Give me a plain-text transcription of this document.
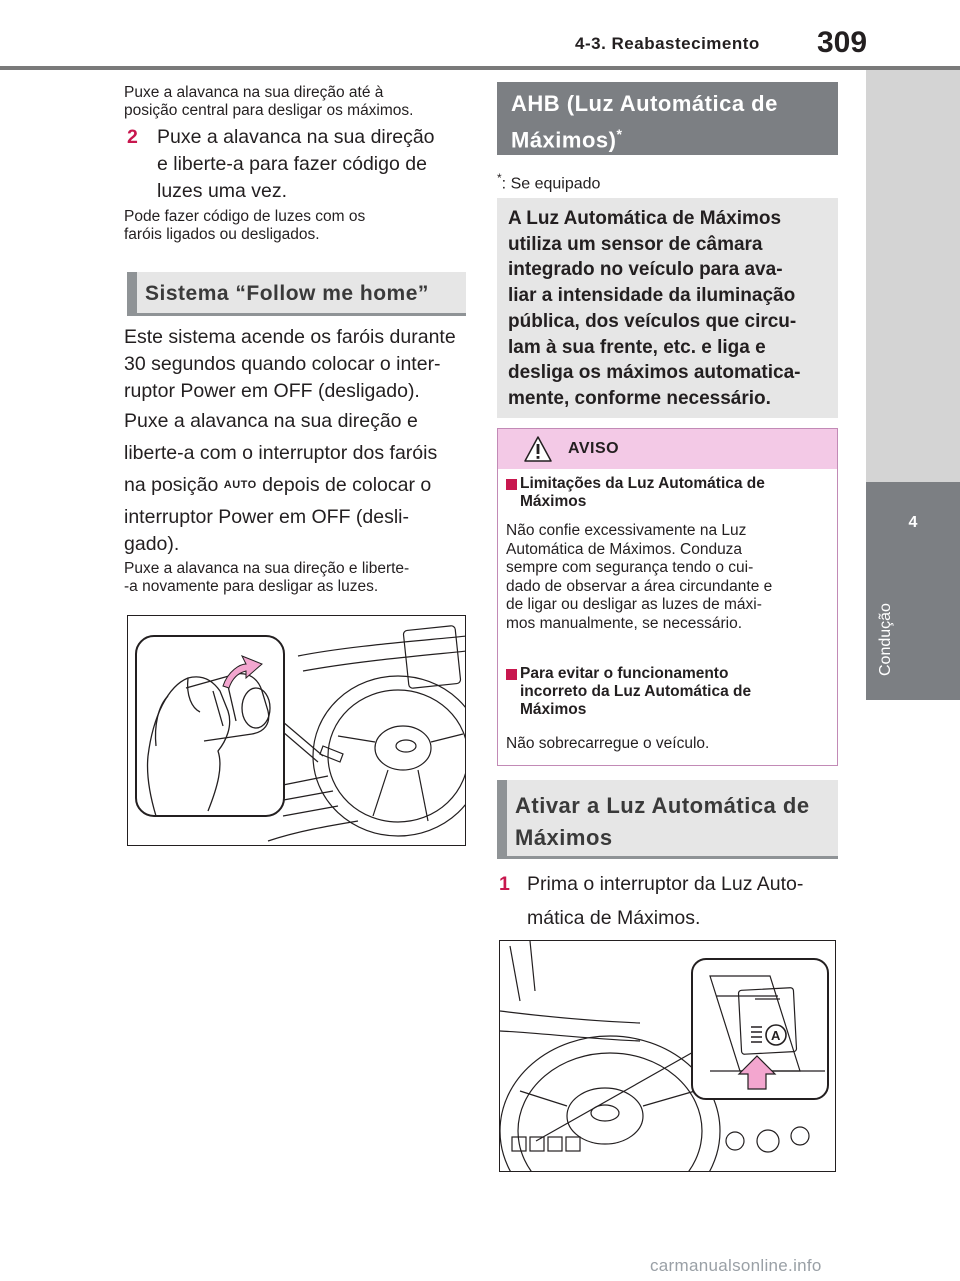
4-3. Reabastecimento 309
4
Condução
Puxe a alavanca na sua direção até à
posição central para desligar os máximos.
2 Puxe a alavanca na sua direção
e liberte-a para fazer código de
luzes uma vez.
Pode fazer código de luzes com os
faróis ligados ou desligados.
Sistema “Follow me home”
Este sistema acende os faróis durante
30 segundos quando colocar o inter-
ruptor Power em OFF (desligado).
Puxe a alavanca na sua direção e
liberte-a com o interruptor dos faróis
na posição AUTO depois de colocar o
interruptor Power em OFF (desli-
gado).
Puxe a alavanca na sua direção e liberte-
-a novamente para desligar as luzes.
AHB (Luz Automática de
Máximos)*
*: Se equipado

A Luz Automática de Máximos
utiliza um sensor de câmara
integrado no veículo para ava-
liar a intensidade da iluminação
pública, dos veículos que circu-
lam à sua frente, etc. e liga e
desliga os máximos automatica-
mente, conforme necessário.

AVISO
Limitações da Luz Automática de
Máximos
Não confie excessivamente na Luz
Automática de Máximos. Conduza
sempre com segurança tendo o cui-
dado de observar a área circundante e
de ligar ou desligar as luzes de máxi-
mos manualmente, se necessário.
Para evitar o funcionamento
incorreto da Luz Automática de
Máximos
Não sobrecarregue o veículo.
Ativar a Luz Automática de
Máximos
1 Prima o interruptor da Luz Auto-
mática de Máximos.
A
carmanualsonline.info
